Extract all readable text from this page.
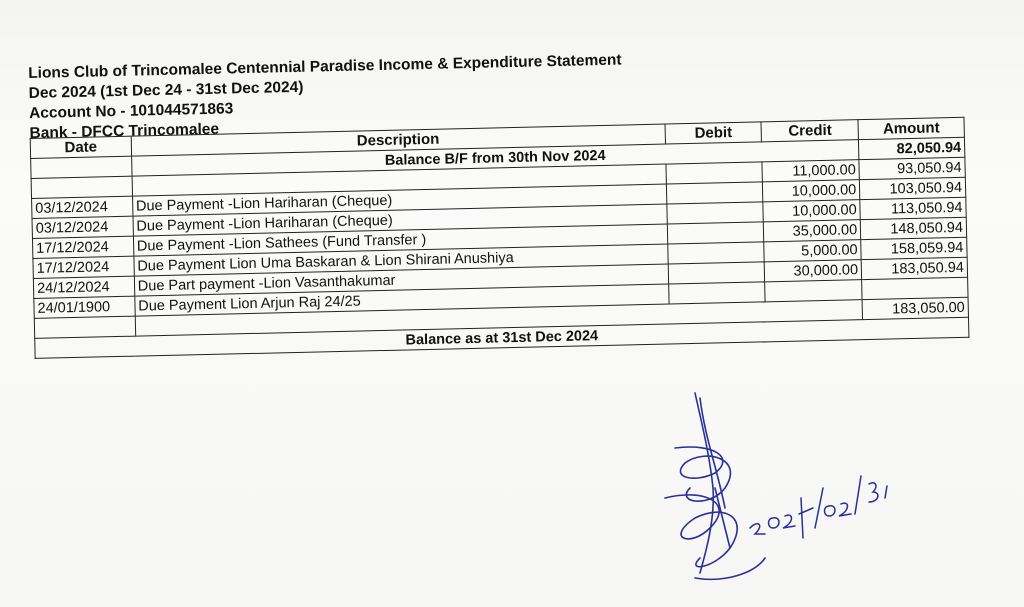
Lions Club of Trincomalee Centennial Paradise Income & Expenditure Statement
Dec 2024 (1st Dec 24 - 31st Dec 2024)
Account No - 101044571863
Bank - DFCC Trincomalee
Date	Description	Debit	Credit	Amount
	Balance B/F from 30th Nov 2024			82,050.94
			11,000.00	93,050.94
03/12/2024	Due Payment -Lion Hariharan (Cheque)		10,000.00	103,050.94
03/12/2024	Due Payment -Lion Hariharan (Cheque)		10,000.00	113,050.94
17/12/2024	Due Payment -Lion Sathees (Fund Transfer )		35,000.00	148,050.94
17/12/2024	Due Payment Lion Uma Baskaran & Lion Shirani Anushiya		5,000.00	158,059.94
24/12/2024	Due Part payment -Lion Vasanthakumar		30,000.00	183,050.94
24/01/1900	Due Payment Lion Arjun Raj 24/25			
				183,050.00
Balance as at 31st Dec 2024				
